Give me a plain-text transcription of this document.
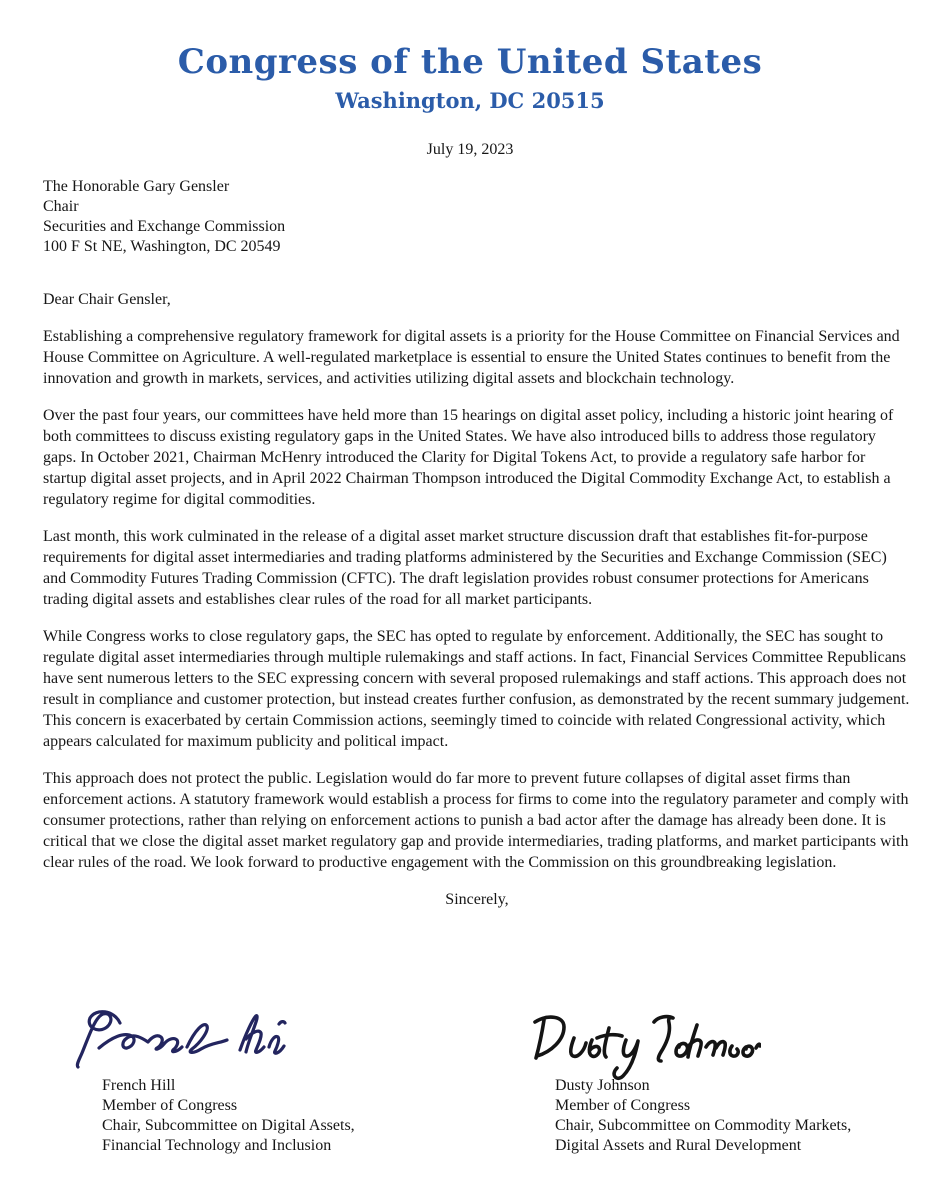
Congress of the United States
Washington, DC 20515
July 19, 2023
The Honorable Gary Gensler
Chair
Securities and Exchange Commission
100 F St NE, Washington, DC 20549
Dear Chair Gensler,

Establishing a comprehensive regulatory framework for digital assets is a priority for the House Committee on Financial Services and House Committee on Agriculture. A well-regulated marketplace is essential to ensure the United States continues to benefit from the innovation and growth in markets, services, and activities utilizing digital assets and blockchain technology.

Over the past four years, our committees have held more than 15 hearings on digital asset policy, including a historic joint hearing of both committees to discuss existing regulatory gaps in the United States. We have also introduced bills to address those regulatory gaps. In October 2021, Chairman McHenry introduced the Clarity for Digital Tokens Act, to provide a regulatory safe harbor for startup digital asset projects, and in April 2022 Chairman Thompson introduced the Digital Commodity Exchange Act, to establish a regulatory regime for digital commodities.

Last month, this work culminated in the release of a digital asset market structure discussion draft that establishes fit-for-purpose requirements for digital asset intermediaries and trading platforms administered by the Securities and Exchange Commission (SEC) and Commodity Futures Trading Commission (CFTC). The draft legislation provides robust consumer protections for Americans trading digital assets and establishes clear rules of the road for all market participants.

While Congress works to close regulatory gaps, the SEC has opted to regulate by enforcement. Additionally, the SEC has sought to regulate digital asset intermediaries through multiple rulemakings and staff actions. In fact, Financial Services Committee Republicans have sent numerous letters to the SEC expressing concern with several proposed rulemakings and staff actions. This approach does not result in compliance and customer protection, but instead creates further confusion, as demonstrated by the recent summary judgement. This concern is exacerbated by certain Commission actions, seemingly timed to coincide with related Congressional activity, which appears calculated for maximum publicity and political impact.

This approach does not protect the public. Legislation would do far more to prevent future collapses of digital asset firms than enforcement actions. A statutory framework would establish a process for firms to come into the regulatory parameter and comply with consumer protections, rather than relying on enforcement actions to punish a bad actor after the damage has already been done. It is critical that we close the digital asset market regulatory gap and provide intermediaries, trading platforms, and market participants with clear rules of the road. We look forward to productive engagement with the Commission on this groundbreaking legislation.

Sincerely,
French Hill
Member of Congress
Chair, Subcommittee on Digital Assets,
Financial Technology and Inclusion
Dusty Johnson
Member of Congress
Chair, Subcommittee on Commodity Markets,
Digital Assets and Rural Development
